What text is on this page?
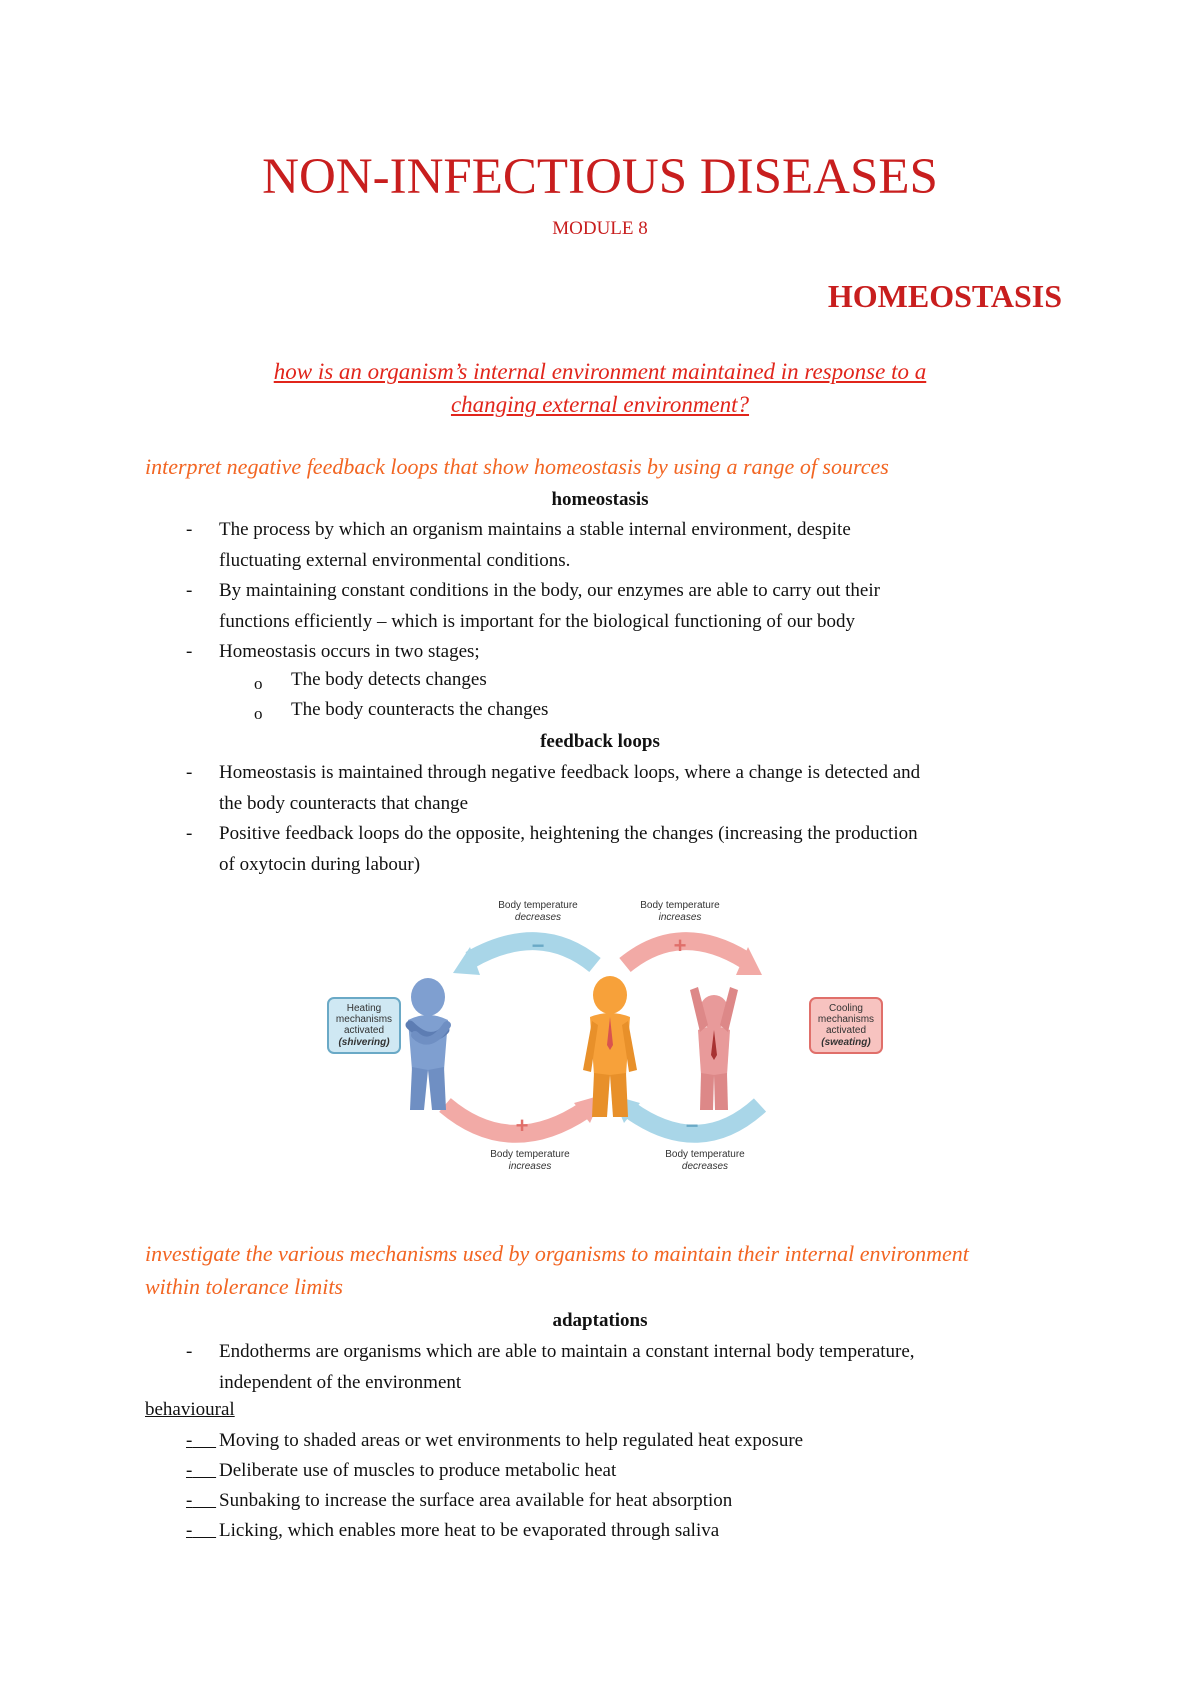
NON-INFECTIOUS DISEASES
MODULE 8
HOMEOSTASIS
how is an organism’s internal environment maintained in response to a
changing external environment?
interpret negative feedback loops that show homeostasis by using a range of sources
homeostasis
- The process by which an organism maintains a stable internal environment, despite
fluctuating external environmental conditions.
- By maintaining constant conditions in the body, our enzymes are able to carry out their
functions efficiently – which is important for the biological functioning of our body
- Homeostasis occurs in two stages;
o The body detects changes
o The body counteracts the changes
feedback loops
- Homeostasis is maintained through negative feedback loops, where a change is detected and
the body counteracts that change
- Positive feedback loops do the opposite, heightening the changes (increasing the production
of oxytocin during labour)
Body temperature
decreases
Body temperature
increases
−	+
+	−
Body temperature
increases
Body temperature
decreases
Heating
mechanisms
activated
(shivering)
Cooling
mechanisms
activated
(sweating)
investigate the various mechanisms used by organisms to maintain their internal environment
within tolerance limits
adaptations
- Endotherms are organisms which are able to maintain a constant internal body temperature,
independent of the environment
behavioural
-	Moving to shaded areas or wet environments to help regulated heat exposure
-	Deliberate use of muscles to produce metabolic heat
-	Sunbaking to increase the surface area available for heat absorption
-	Licking, which enables more heat to be evaporated through saliva
